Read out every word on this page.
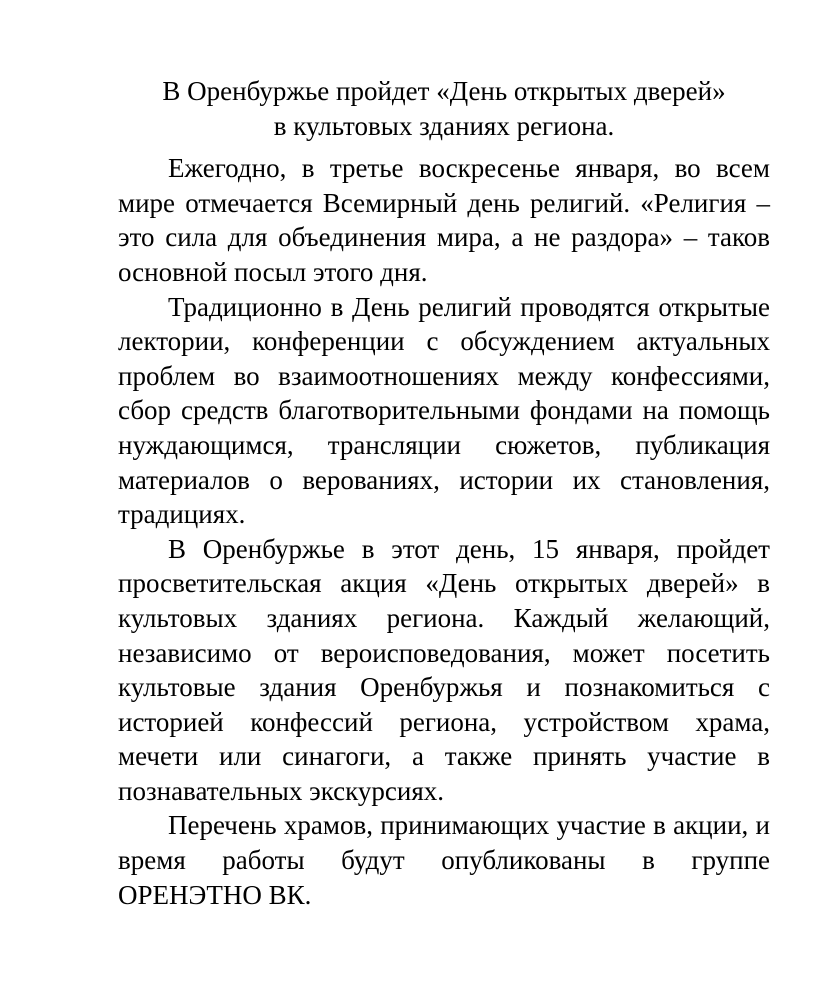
В Оренбуржье пройдет «День открытых дверей»
в культовых зданиях региона.

Ежегодно, в третье воскресенье января, во всем мире отмечается Всемирный день религий. «Религия – это сила для объединения мира, а не раздора» – таков основной посыл этого дня.

Традиционно в День религий проводятся открытые лектории, конференции с обсуждением актуальных проблем во взаимоотношениях между конфессиями, сбор средств благотворительными фондами на помощь нуждающимся, трансляции сюжетов, публикация материалов о верованиях, истории их становления, традициях.

В Оренбуржье в этот день, 15 января, пройдет просветительская акция «День открытых дверей» в культовых зданиях региона. Каждый желающий, независимо от вероисповедования, может посетить культовые здания Оренбуржья и познакомиться с историей конфессий региона, устройством храма, мечети или синагоги, а также принять участие в познавательных экскурсиях.

Перечень храмов, принимающих участие в акции, и время работы будут опубликованы в группе ОРЕНЭТНО ВК.
